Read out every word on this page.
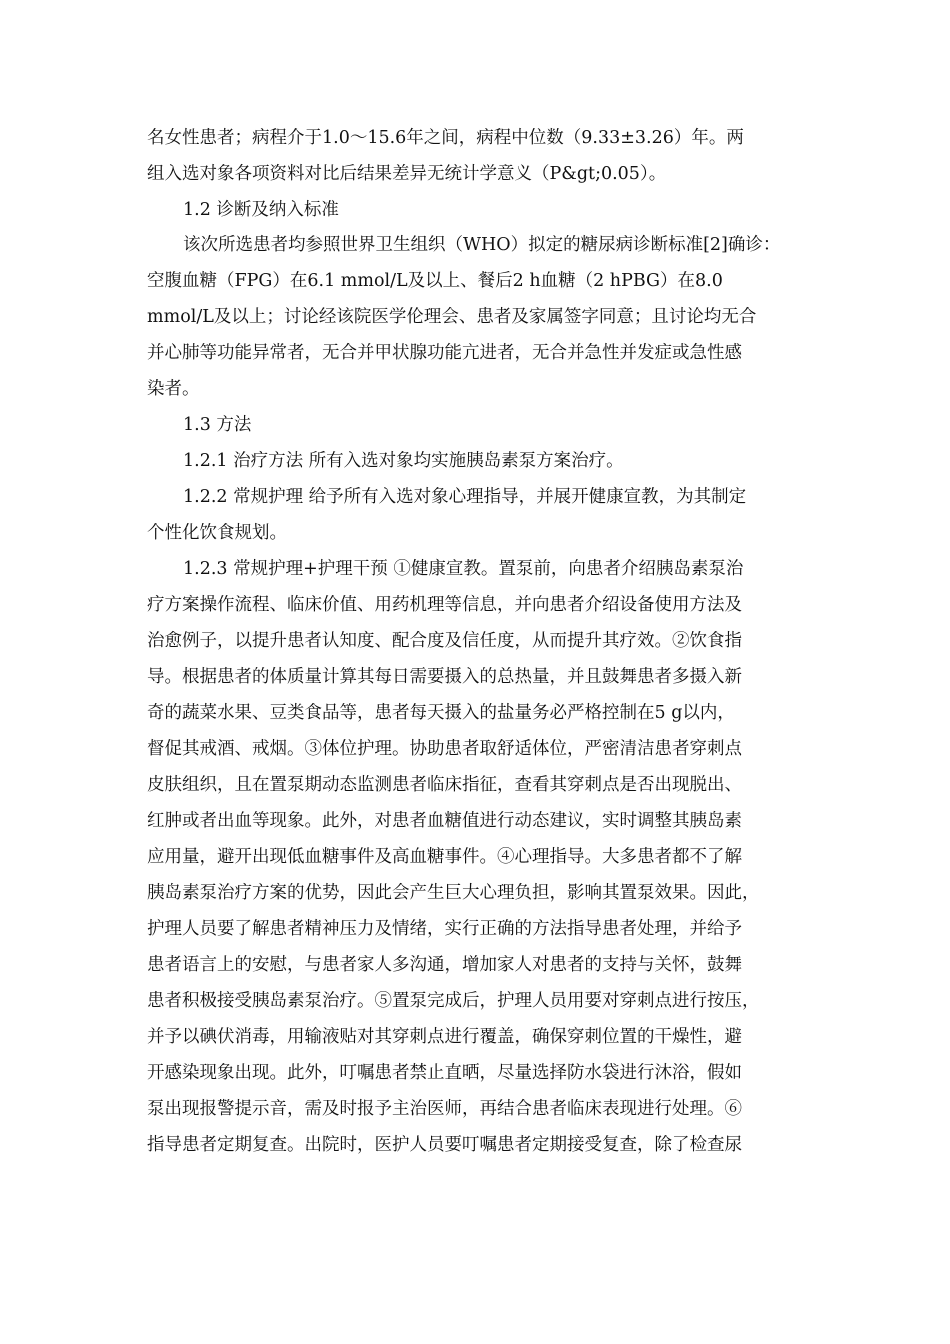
名女性患者；病程介于1.0～15.6年之间，病程中位数（9.33±3.26）年。两
组入选对象各项资料对比后结果差异无统计学意义（P&gt;0.05）。
1.2 诊断及纳入标准
该次所选患者均参照世界卫生组织（WHO）拟定的糖尿病诊断标准[2]确诊：
空腹血糖（FPG）在6.1 mmol/L及以上、餐后2 h血糖（2 hPBG）在8.0
mmol/L及以上；讨论经该院医学伦理会、患者及家属签字同意；且讨论均无合
并心肺等功能异常者，无合并甲状腺功能亢进者，无合并急性并发症或急性感
染者。
1.3 方法
1.2.1 治疗方法 所有入选对象均实施胰岛素泵方案治疗。
1.2.2 常规护理 给予所有入选对象心理指导，并展开健康宣教，为其制定
个性化饮食规划。
1.2.3 常规护理+护理干预 ①健康宣教。置泵前，向患者介绍胰岛素泵治
疗方案操作流程、临床价值、用药机理等信息，并向患者介绍设备使用方法及
治愈例子，以提升患者认知度、配合度及信任度，从而提升其疗效。②饮食指
导。根据患者的体质量计算其每日需要摄入的总热量，并且鼓舞患者多摄入新
奇的蔬菜水果、豆类食品等，患者每天摄入的盐量务必严格控制在5 g以内，
督促其戒酒、戒烟。③体位护理。协助患者取舒适体位，严密清洁患者穿刺点
皮肤组织，且在置泵期动态监测患者临床指征，查看其穿刺点是否出现脱出、
红肿或者出血等现象。此外，对患者血糖值进行动态建议，实时调整其胰岛素
应用量，避开出现低血糖事件及高血糖事件。④心理指导。大多患者都不了解
胰岛素泵治疗方案的优势，因此会产生巨大心理负担，影响其置泵效果。因此，
护理人员要了解患者精神压力及情绪，实行正确的方法指导患者处理，并给予
患者语言上的安慰，与患者家人多沟通，增加家人对患者的支持与关怀，鼓舞
患者积极接受胰岛素泵治疗。⑤置泵完成后，护理人员用要对穿刺点进行按压，
并予以碘伏消毒，用输液贴对其穿刺点进行覆盖，确保穿刺位置的干燥性，避
开感染现象出现。此外，叮嘱患者禁止直晒，尽量选择防水袋进行沐浴，假如
泵出现报警提示音，需及时报予主治医师，再结合患者临床表现进行处理。⑥
指导患者定期复查。出院时，医护人员要叮嘱患者定期接受复查，除了检查尿
